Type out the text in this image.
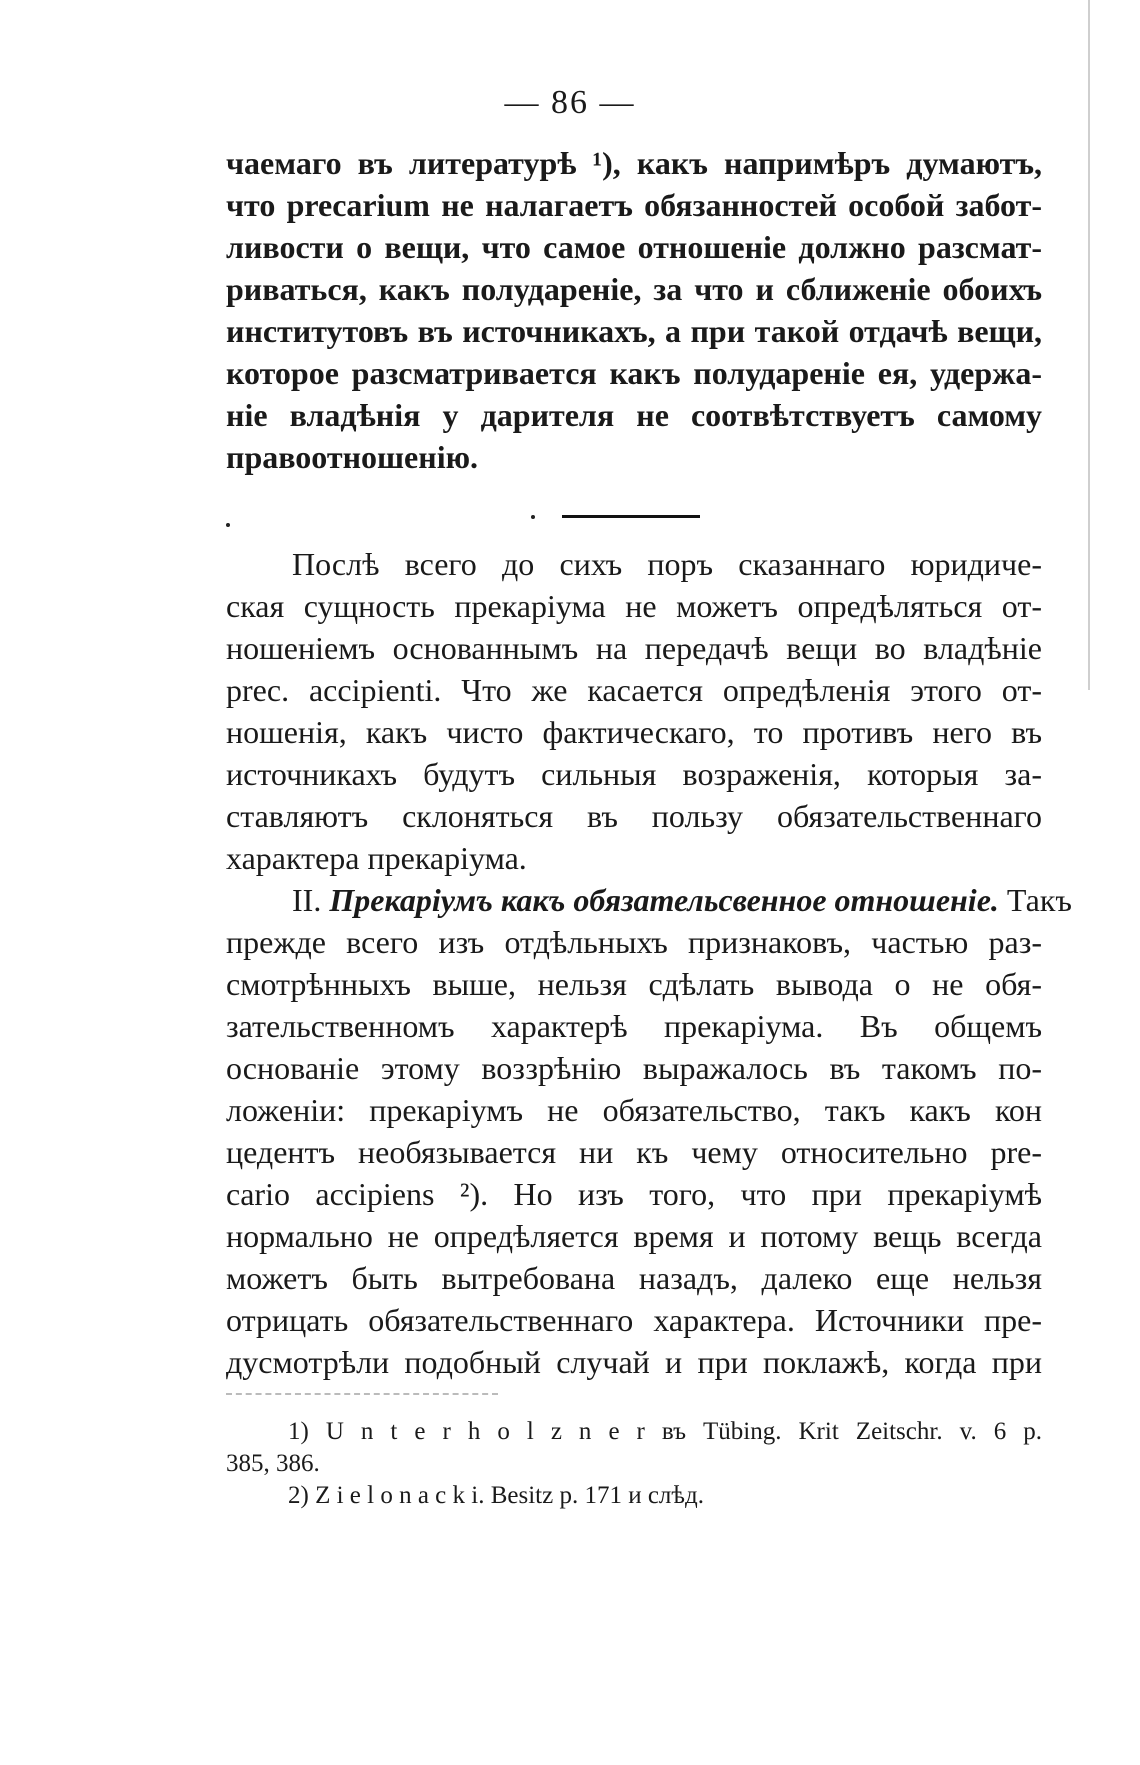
— 86 —
чаемаго въ литературѣ ¹), какъ напримѣръ думаютъ,
что precarium не налагаетъ обязанностей особой забот-
ливости о вещи, что самое отношеніе должно разсмат-
риваться, какъ полудареніе, за что и сближеніе обоихъ
институтовъ въ источникахъ, а при такой отдачѣ вещи,
которое разсматривается какъ полудареніе ея, удержа-
ніе владѣнія у дарителя не соотвѣтствуетъ самому
правоотношенію.
Послѣ всего до сихъ поръ сказаннаго юридиче-
ская сущность прекаріума не можетъ опредѣляться от-
ношеніемъ основаннымъ на передачѣ вещи во владѣніе
prec. accipienti. Что же касается опредѣленія этого от-
ношенія, какъ чисто фактическаго, то противъ него въ
источникахъ будутъ сильныя возраженія, которыя за-
ставляютъ склоняться въ пользу обязательственнаго
характера прекаріума.
II. Прекаріумъ какъ обязательсвенное отношеніе. Такъ
прежде всего изъ отдѣльныхъ признаковъ, частью раз-
смотрѣнныхъ выше, нельзя сдѣлать вывода о не обя-
зательственномъ характерѣ прекаріума. Въ общемъ
основаніе этому воззрѣнію выражалось въ такомъ по-
ложеніи: прекаріумъ не обязательство, такъ какъ кон
цедентъ необязывается ни къ чему относительно pre-
cario accipiens ²). Но изъ того, что при прекаріумѣ
нормально не опредѣляется время и потому вещь всегда
можетъ быть вытребована назадъ, далеко еще нельзя
отрицать обязательственнаго характера. Источники пре-
дусмотрѣли подобный случай и при поклажѣ, когда при
1) U n t e r h o l z n e r въ Tübing. Krit Zeitschr. v. 6 p.
385, 386.
2) Z i e l o n a c k i. Besitz p. 171 и слѣд.
